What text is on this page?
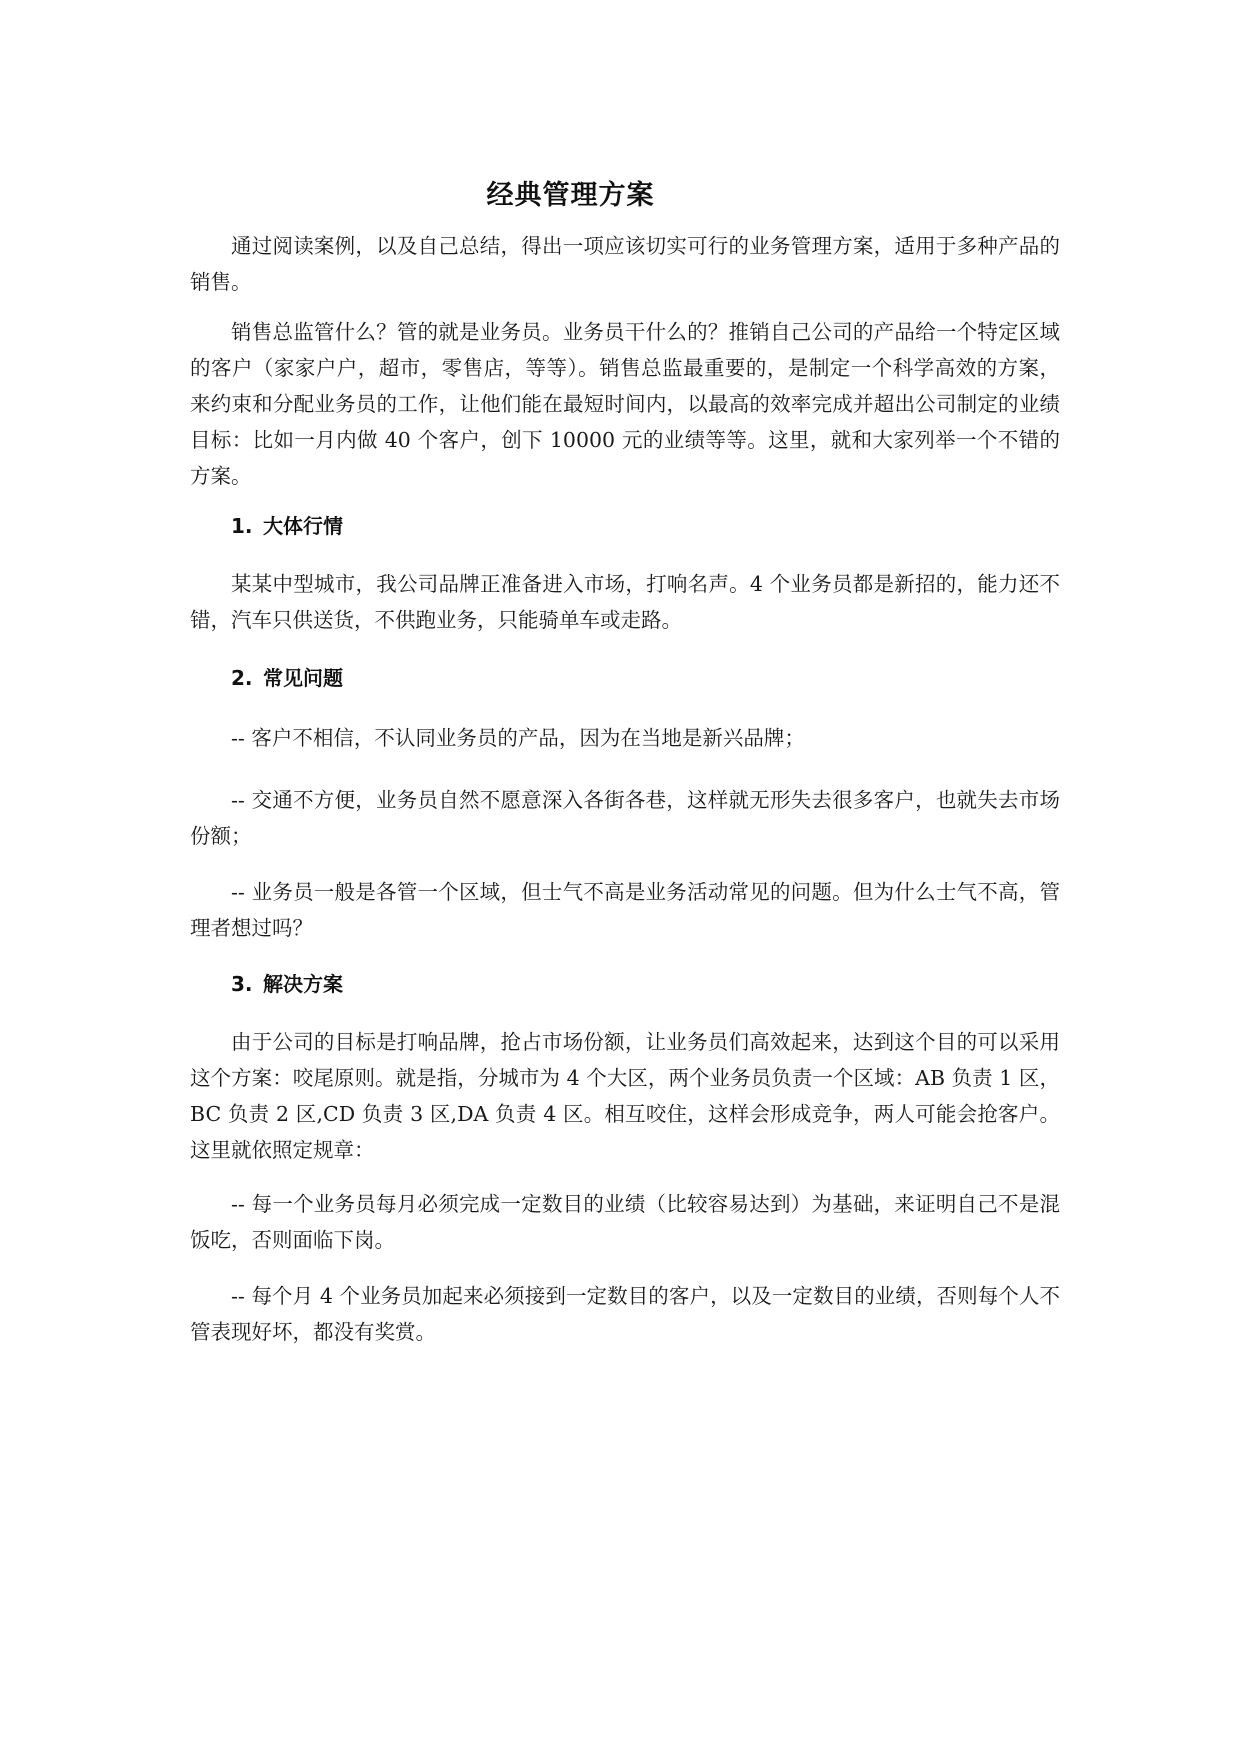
经典管理方案

通过阅读案例，以及自己总结，得出一项应该切实可行的业务管理方案，适用于多种产品的销售。

销售总监管什么？管的就是业务员。业务员干什么的？推销自己公司的产品给一个特定区域的客户（家家户户，超市，零售店，等等）。销售总监最重要的，是制定一个科学高效的方案，来约束和分配业务员的工作，让他们能在最短时间内，以最高的效率完成并超出公司制定的业绩目标：比如一月内做 40 个客户，创下 10000 元的业绩等等。这里，就和大家列举一个不错的方案。

1. 大体行情

某某中型城市，我公司品牌正准备进入市场，打响名声。4 个业务员都是新招的，能力还不错，汽车只供送货，不供跑业务，只能骑单车或走路。

2. 常见问题

-- 客户不相信，不认同业务员的产品，因为在当地是新兴品牌；

-- 交通不方便，业务员自然不愿意深入各街各巷，这样就无形失去很多客户，也就失去市场份额；

-- 业务员一般是各管一个区域，但士气不高是业务活动常见的问题。但为什么士气不高，管理者想过吗？

3. 解决方案

由于公司的目标是打响品牌，抢占市场份额，让业务员们高效起来，达到这个目的可以采用这个方案：咬尾原则。就是指，分城市为 4 个大区，两个业务员负责一个区域：AB 负责 1 区，BC 负责 2 区,CD 负责 3 区,DA 负责 4 区。相互咬住，这样会形成竞争，两人可能会抢客户。这里就依照定规章：

-- 每一个业务员每月必须完成一定数目的业绩（比较容易达到）为基础，来证明自己不是混饭吃，否则面临下岗。

-- 每个月 4 个业务员加起来必须接到一定数目的客户，以及一定数目的业绩，否则每个人不管表现好坏，都没有奖赏。
